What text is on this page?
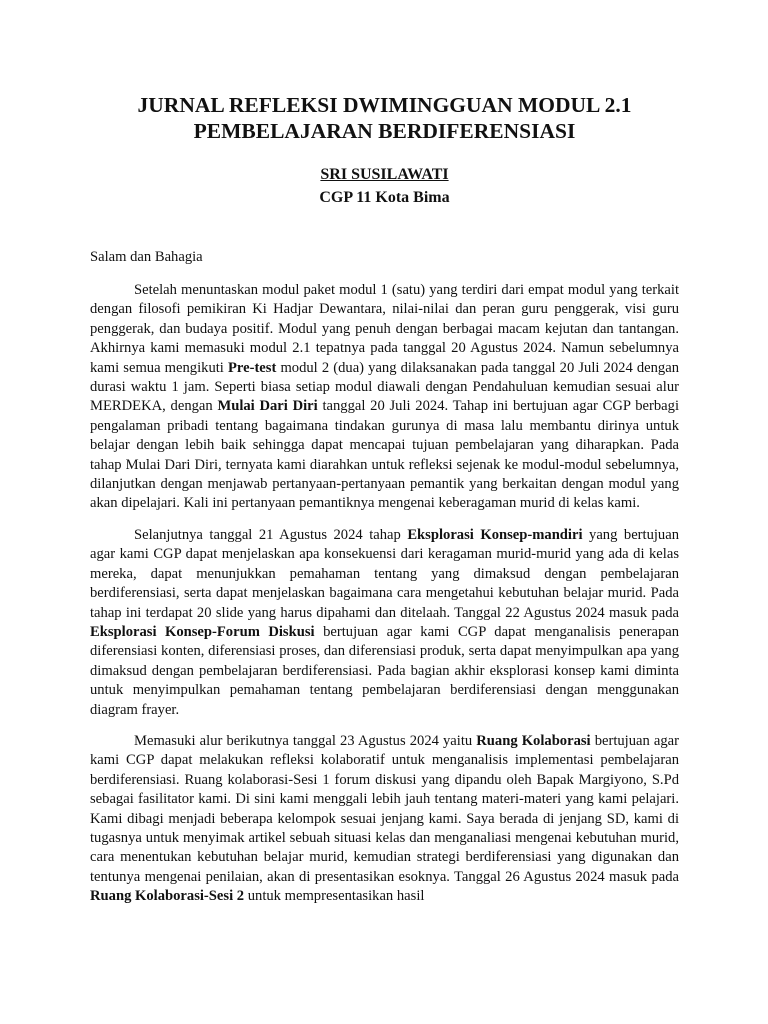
JURNAL REFLEKSI DWIMINGGUAN MODUL 2.1
PEMBELAJARAN BERDIFERENSIASI
SRI SUSILAWATI
CGP 11 Kota Bima

Salam dan Bahagia

Setelah menuntaskan modul paket modul 1 (satu) yang terdiri dari empat modul yang terkait dengan filosofi pemikiran Ki Hadjar Dewantara, nilai-nilai dan peran guru penggerak, visi guru penggerak, dan budaya positif. Modul yang penuh dengan berbagai macam kejutan dan tantangan. Akhirnya kami memasuki modul 2.1 tepatnya pada tanggal 20 Agustus 2024. Namun sebelumnya kami semua mengikuti Pre-test modul 2 (dua) yang dilaksanakan pada tanggal 20 Juli 2024 dengan durasi waktu 1 jam. Seperti biasa setiap modul diawali dengan Pendahuluan kemudian sesuai alur MERDEKA, dengan Mulai Dari Diri tanggal 20 Juli 2024. Tahap ini bertujuan agar CGP berbagi pengalaman pribadi tentang bagaimana tindakan gurunya di masa lalu membantu dirinya untuk belajar dengan lebih baik sehingga dapat mencapai tujuan pembelajaran yang diharapkan. Pada tahap Mulai Dari Diri, ternyata kami diarahkan untuk refleksi sejenak ke modul-modul sebelumnya, dilanjutkan dengan menjawab pertanyaan-pertanyaan pemantik yang berkaitan dengan modul yang akan dipelajari. Kali ini pertanyaan pemantiknya mengenai keberagaman murid di kelas kami.

Selanjutnya tanggal 21 Agustus 2024 tahap Eksplorasi Konsep-mandiri yang bertujuan agar kami CGP dapat menjelaskan apa konsekuensi dari keragaman murid-murid yang ada di kelas mereka, dapat menunjukkan pemahaman tentang yang dimaksud dengan pembelajaran berdiferensiasi, serta dapat menjelaskan bagaimana cara mengetahui kebutuhan belajar murid. Pada tahap ini terdapat 20 slide yang harus dipahami dan ditelaah. Tanggal 22 Agustus 2024 masuk pada Eksplorasi Konsep-Forum Diskusi bertujuan agar kami CGP dapat menganalisis penerapan diferensiasi konten, diferensiasi proses, dan diferensiasi produk, serta dapat menyimpulkan apa yang dimaksud dengan pembelajaran berdiferensiasi. Pada bagian akhir eksplorasi konsep kami diminta untuk menyimpulkan pemahaman tentang pembelajaran berdiferensiasi dengan menggunakan diagram frayer.

Memasuki alur berikutnya tanggal 23 Agustus 2024 yaitu Ruang Kolaborasi bertujuan agar kami CGP dapat melakukan refleksi kolaboratif untuk menganalisis implementasi pembelajaran berdiferensiasi. Ruang kolaborasi-Sesi 1 forum diskusi yang dipandu oleh Bapak Margiyono, S.Pd sebagai fasilitator kami. Di sini kami menggali lebih jauh tentang materi-materi yang kami pelajari. Kami dibagi menjadi beberapa kelompok sesuai jenjang kami. Saya berada di jenjang SD, kami di tugasnya untuk menyimak artikel sebuah situasi kelas dan menganaliasi mengenai kebutuhan murid, cara menentukan kebutuhan belajar murid, kemudian strategi berdiferensiasi yang digunakan dan tentunya mengenai penilaian, akan di presentasikan esoknya. Tanggal 26 Agustus 2024 masuk pada Ruang Kolaborasi-Sesi 2 untuk mempresentasikan hasil
